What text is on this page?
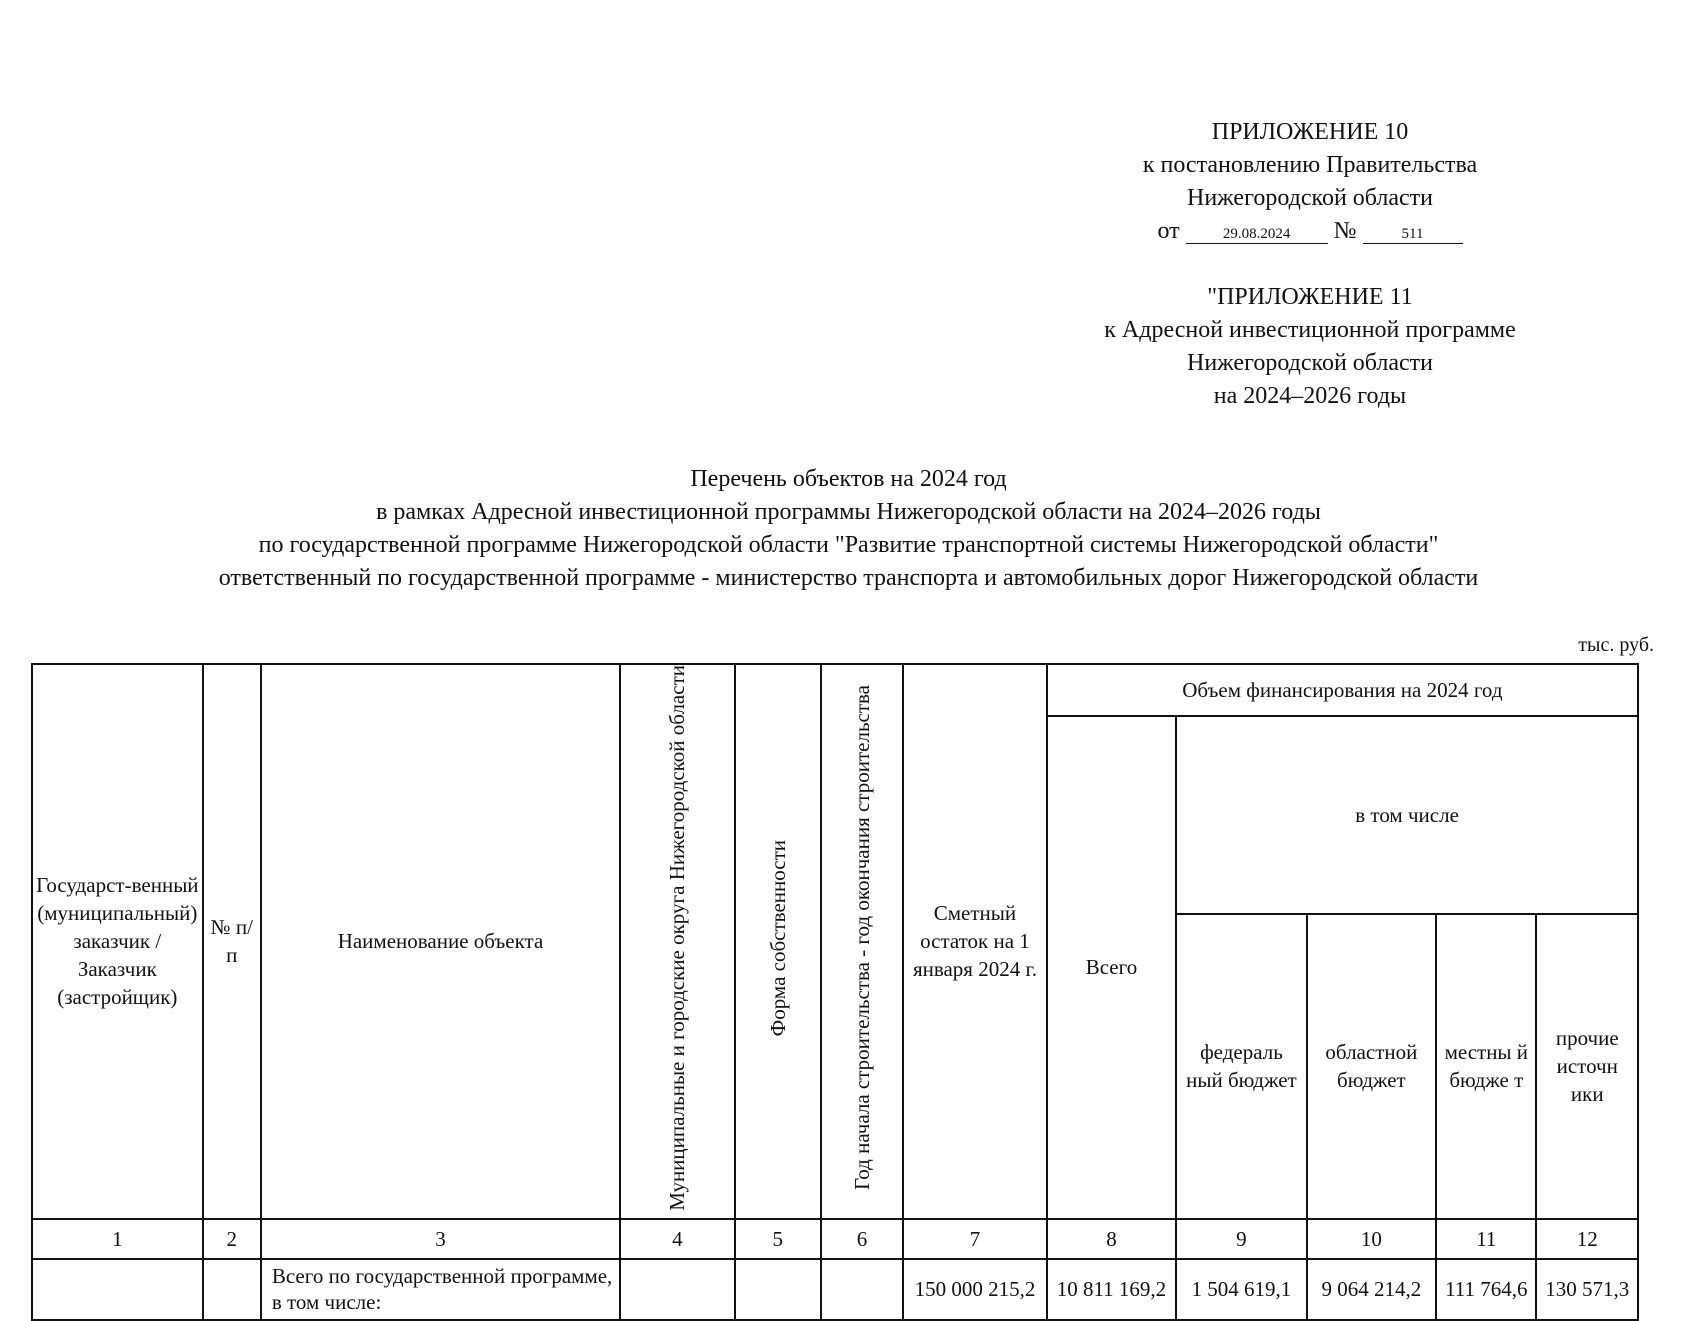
ПРИЛОЖЕНИЕ 10
к постановлению Правительства
Нижегородской области
от	29.08.2024 №	511
"ПРИЛОЖЕНИЕ 11
к Адресной инвестиционной программе
Нижегородской области
на 2024–2026 годы
Перечень объектов на 2024 год
в рамках Адресной инвестиционной программы Нижегородской области на 2024–2026 годы
по государственной программе Нижегородской области "Развитие транспортной системы Нижегородской области"
ответственный по государственной программе - министерство транспорта и автомобильных дорог Нижегородской области
тыс. руб.
Государст-венный (муниципальный) заказчик / Заказчик (застройщик)	№ п/п	Наименование объекта	Муниципальные и городские округа Нижегородской области	Форма собственности	Год начала строительства - год окончания строительства	Сметный остаток на 1 января 2024 г.	Объем финансирования на 2024 год				
							Всего	в том числе			
								федераль ный бюджет	областной бюджет	местны й бюдже т	прочие источн ики
1	2	3	4	5	6	7	8	9	10	11	12
		Всего по государственной программе, в том числе:				150 000 215,2	10 811 169,2	1 504 619,1	9 064 214,2	111 764,6	130 571,3
